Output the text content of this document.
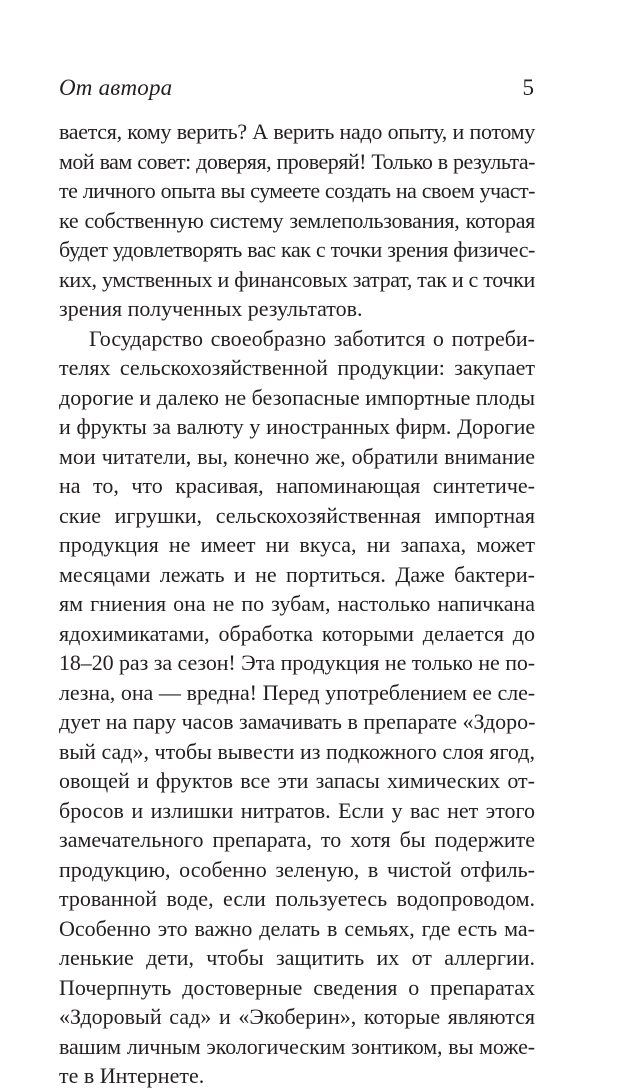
От автора	5
вается, кому верить? А верить надо опыту, и потому
мой вам совет: доверяя, проверяй! Только в результа-
те личного опыта вы сумеете создать на своем участ-
ке собственную систему землепользования, которая
будет удовлетворять вас как с точки зрения физичес-
ких, умственных и финансовых затрат, так и с точки
зрения полученных результатов.
Государство своеобразно заботится о потреби-
телях сельскохозяйственной продукции: закупает
дорогие и далеко не безопасные импортные плоды
и фрукты за валюту у иностранных фирм. Дорогие
мои читатели, вы, конечно же, обратили внимание
на то, что красивая, напоминающая синтетиче-
ские игрушки, сельскохозяйственная импортная
продукция не имеет ни вкуса, ни запаха, может
месяцами лежать и не портиться. Даже бактери-
ям гниения она не по зубам, настолько напичкана
ядохимикатами, обработка которыми делается до
18–20 раз за сезон! Эта продукция не только не по-
лезна, она — вредна! Перед употреблением ее сле-
дует на пару часов замачивать в препарате «Здоро-
вый сад», чтобы вывести из подкожного слоя ягод,
овощей и фруктов все эти запасы химических от-
бросов и излишки нитратов. Если у вас нет этого
замечательного препарата, то хотя бы подержите
продукцию, особенно зеленую, в чистой отфиль-
трованной воде, если пользуетесь водопроводом.
Особенно это важно делать в семьях, где есть ма-
ленькие дети, чтобы защитить их от аллергии.
Почерпнуть достоверные сведения о препаратах
«Здоровый сад» и «Экоберин», которые являются
вашим личным экологическим зонтиком, вы може-
те в Интернете.
